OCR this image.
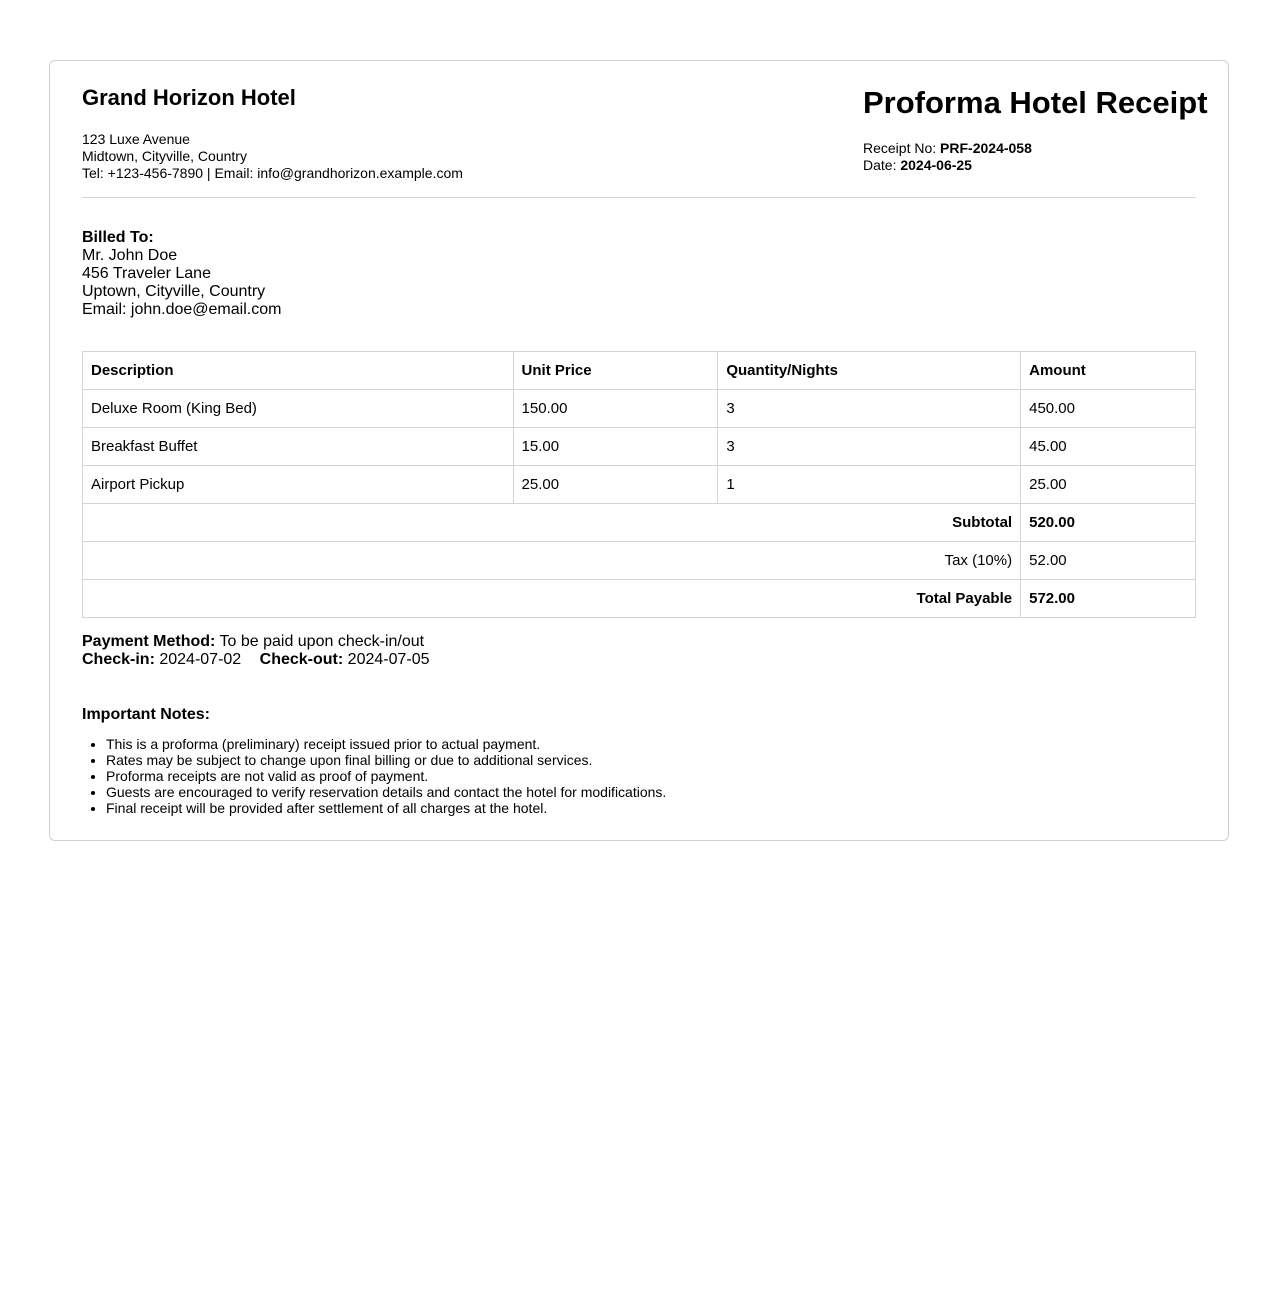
Grand Horizon Hotel
123 Luxe Avenue
Midtown, Cityville, Country
Tel: +123-456-7890 | Email: info@grandhorizon.example.com
Proforma Hotel Receipt
Receipt No: PRF-2024-058
Date: 2024-06-25
Billed To:
Mr. John Doe
456 Traveler Lane
Uptown, Cityville, Country
Email: john.doe@email.com
Description	Unit Price	Quantity/Nights	Amount
Deluxe Room (King Bed)	150.00	3	450.00
Breakfast Buffet	15.00	3	45.00
Airport Pickup	25.00	1	25.00
Subtotal			520.00
Tax (10%)			52.00
Total Payable			572.00
Payment Method: To be paid upon check-in/out
Check-in: 2024-07-02 Check-out: 2024-07-05
Important Notes:
• This is a proforma (preliminary) receipt issued prior to actual payment.
• Rates may be subject to change upon final billing or due to additional services.
• Proforma receipts are not valid as proof of payment.
• Guests are encouraged to verify reservation details and contact the hotel for modifications.
• Final receipt will be provided after settlement of all charges at the hotel.
